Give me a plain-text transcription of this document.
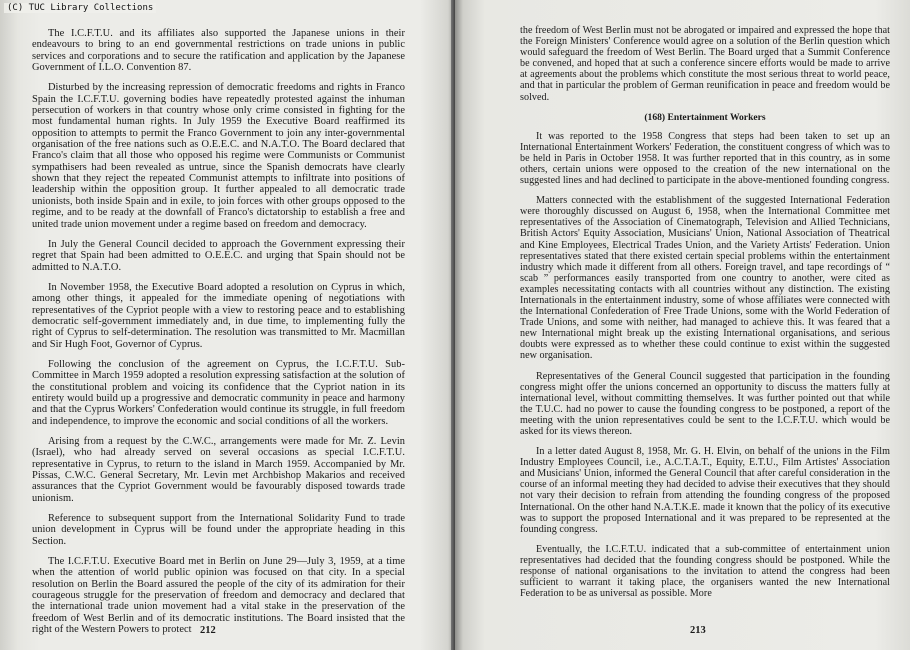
(C) TUC Library Collections

The I.C.F.T.U. and its affiliates also supported the Japanese unions in their endeavours to bring to an end governmental restrictions on trade unions in public services and corporations and to secure the ratification and application by the Japanese Government of I.L.O. Convention 87.

Disturbed by the increasing repression of democratic freedoms and rights in Franco Spain the I.C.F.T.U. governing bodies have repeatedly protested against the inhuman persecution of workers in that country whose only crime consisted in fighting for the most fundamental human rights. In July 1959 the Executive Board reaffirmed its opposition to attempts to permit the Franco Government to join any inter-governmental organisation of the free nations such as O.E.E.C. and N.A.T.O. The Board declared that Franco's claim that all those who opposed his regime were Communists or Communist sympathisers had been revealed as untrue, since the Spanish democrats have clearly shown that they reject the repeated Communist attempts to infiltrate into positions of leadership within the opposition group. It further appealed to all democratic trade unionists, both inside Spain and in exile, to join forces with other groups opposed to the regime, and to be ready at the downfall of Franco's dictatorship to establish a free and united trade union movement under a regime based on freedom and democracy.

In July the General Council decided to approach the Government expressing their regret that Spain had been admitted to O.E.E.C. and urging that Spain should not be admitted to N.A.T.O.

In November 1958, the Executive Board adopted a resolution on Cyprus in which, among other things, it appealed for the immediate opening of negotiations with representatives of the Cypriot people with a view to restoring peace and to establishing democratic self-government immediately and, in due time, to implementing fully the right of Cyprus to self-determination. The resolution was transmitted to Mr. Macmillan and Sir Hugh Foot, Governor of Cyprus.

Following the conclusion of the agreement on Cyprus, the I.C.F.T.U. Sub-Committee in March 1959 adopted a resolution expressing satisfaction at the solution of the constitutional problem and voicing its confidence that the Cypriot nation in its entirety would build up a progressive and democratic community in peace and harmony and that the Cyprus Workers' Confederation would continue its struggle, in full freedom and independence, to improve the economic and social conditions of all the workers.

Arising from a request by the C.W.C., arrangements were made for Mr. Z. Levin (Israel), who had already served on several occasions as special I.C.F.T.U. representative in Cyprus, to return to the island in March 1959. Accompanied by Mr. Pissas, C.W.C. General Secretary, Mr. Levin met Archbishop Makarios and received assurances that the Cypriot Government would be favourably disposed towards trade unionism.

Reference to subsequent support from the International Solidarity Fund to trade union development in Cyprus will be found under the appropriate heading in this Section.

The I.C.F.T.U. Executive Board met in Berlin on June 29—July 3, 1959, at a time when the attention of world public opinion was focused on that city. In a special resolution on Berlin the Board assured the people of the city of its admiration for their courageous struggle for the preservation of freedom and democracy and declared that the international trade union movement had a vital stake in the preservation of the freedom of West Berlin and of its democratic institutions. The Board insisted that the right of the Western Powers to protect 212

the freedom of West Berlin must not be abrogated or impaired and expressed the hope that the Foreign Ministers' Conference would agree on a solution of the Berlin question which would safeguard the freedom of West Berlin. The Board urged that a Summit Conference be convened, and hoped that at such a conference sincere efforts would be made to arrive at agreements about the problems which constitute the most serious threat to world peace, and that in particular the problem of German reunification in peace and freedom would be solved.

(168) Entertainment Workers

It was reported to the 1958 Congress that steps had been taken to set up an International Entertainment Workers' Federation, the constituent congress of which was to be held in Paris in October 1958. It was further reported that in this country, as in some others, certain unions were opposed to the creation of the new international on the suggested lines and had declined to participate in the above-mentioned founding congress.

Matters connected with the establishment of the suggested International Federation were thoroughly discussed on August 6, 1958, when the International Committee met representatives of the Association of Cinematograph, Television and Allied Technicians, British Actors' Equity Association, Musicians' Union, National Association of Theatrical and Kine Employees, Electrical Trades Union, and the Variety Artists' Federation. Union representatives stated that there existed certain special problems within the entertainment industry which made it different from all others. Foreign travel, and tape recordings of “ scab ” performances easily transported from one country to another, were cited as examples necessitating contacts with all countries without any distinction. The existing Internationals in the entertainment industry, some of whose affiliates were connected with the International Confederation of Free Trade Unions, some with the World Federation of Trade Unions, and some with neither, had managed to achieve this. It was feared that a new International might break up the existing International organisations, and serious doubts were expressed as to whether these could continue to exist within the suggested new organisation.

Representatives of the General Council suggested that participation in the founding congress might offer the unions concerned an opportunity to discuss the matters fully at international level, without committing themselves. It was further pointed out that while the T.U.C. had no power to cause the founding congress to be postponed, a report of the meeting with the union representatives could be sent to the I.C.F.T.U. which would be asked for its views thereon.

In a letter dated August 8, 1958, Mr. G. H. Elvin, on behalf of the unions in the Film Industry Employees Council, i.e., A.C.T.A.T., Equity, E.T.U., Film Artistes' Association and Musicians' Union, informed the General Council that after careful consideration in the course of an informal meeting they had decided to advise their executives that they should not vary their decision to refrain from attending the founding congress of the proposed International. On the other hand N.A.T.K.E. made it known that the policy of its executive was to support the proposed International and it was prepared to be represented at the founding congress.

Eventually, the I.C.F.T.U. indicated that a sub-committee of entertainment union representatives had decided that the founding congress should be postponed. While the response of national organisations to the invitation to attend the congress had been sufficient to warrant it taking place, the organisers wanted the new International Federation to be as universal as possible. More

213
